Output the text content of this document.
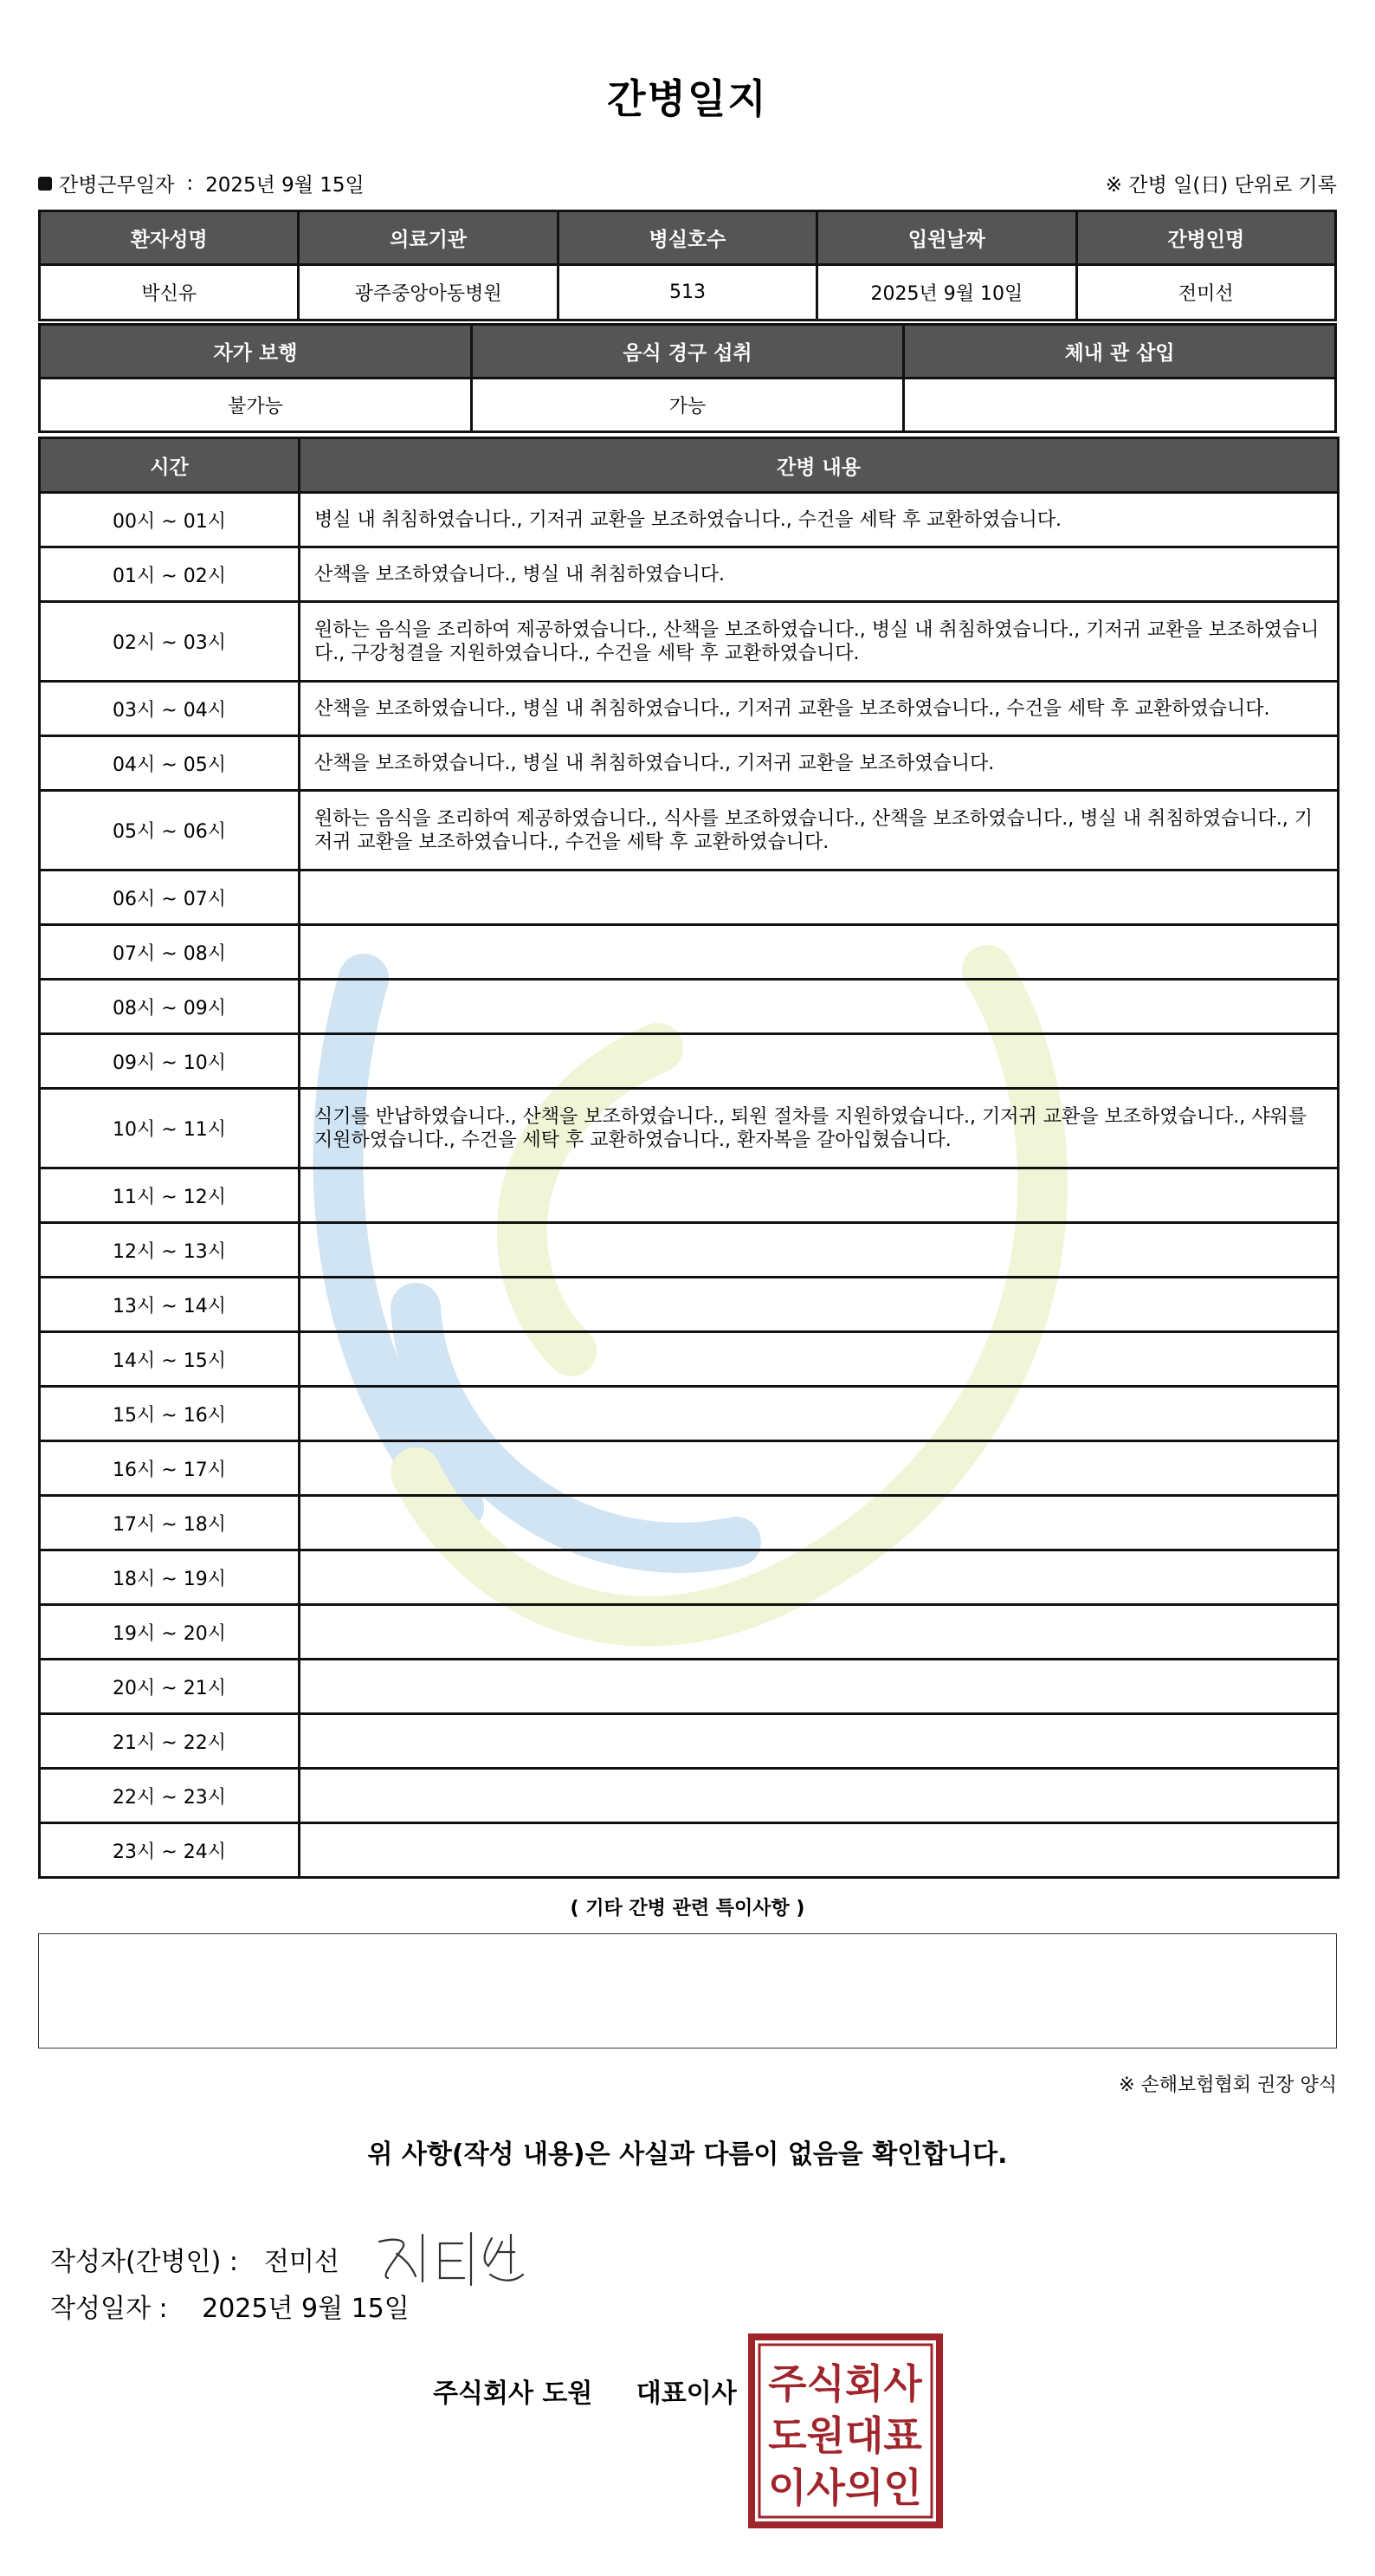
간병일지
간병근무일자 : 2025년 9월 15일	※ 간병 일(日) 단위로 기록
환자성명	의료기관	병실호수	입원날짜	간병인명
박신유	광주중앙아동병원	513	2025년 9월 10일	전미선
자가 보행	음식 경구 섭취	체내 관 삽입
불가능	가능	
시간	간병 내용
00시 ~ 01시	병실 내 취침하였습니다., 기저귀 교환을 보조하였습니다., 수건을 세탁 후 교환하였습니다.
01시 ~ 02시	산책을 보조하였습니다., 병실 내 취침하였습니다.
02시 ~ 03시	원하는 음식을 조리하여 제공하였습니다., 산책을 보조하였습니다., 병실 내 취침하였습니다., 기저귀 교환을 보조하였습니다., 구강청결을 지원하였습니다., 수건을 세탁 후 교환하였습니다.
03시 ~ 04시	산책을 보조하였습니다., 병실 내 취침하였습니다., 기저귀 교환을 보조하였습니다., 수건을 세탁 후 교환하였습니다.
04시 ~ 05시	산책을 보조하였습니다., 병실 내 취침하였습니다., 기저귀 교환을 보조하였습니다.
05시 ~ 06시	원하는 음식을 조리하여 제공하였습니다., 식사를 보조하였습니다., 산책을 보조하였습니다., 병실 내 취침하였습니다., 기저귀 교환을 보조하였습니다., 수건을 세탁 후 교환하였습니다.
06시 ~ 07시	
07시 ~ 08시	
08시 ~ 09시	
09시 ~ 10시	
10시 ~ 11시	식기를 반납하였습니다., 산책을 보조하였습니다., 퇴원 절차를 지원하였습니다., 기저귀 교환을 보조하였습니다., 샤워를 지원하였습니다., 수건을 세탁 후 교환하였습니다., 환자복을 갈아입혔습니다.
11시 ~ 12시	
12시 ~ 13시	
13시 ~ 14시	
14시 ~ 15시	
15시 ~ 16시	
16시 ~ 17시	
17시 ~ 18시	
18시 ~ 19시	
19시 ~ 20시	
20시 ~ 21시	
21시 ~ 22시	
22시 ~ 23시	
23시 ~ 24시	
( 기타 간병 관련 특이사항 )
※ 손해보험협회 권장 양식
위 사항(작성 내용)은 사실과 다름이 없음을 확인합니다.
작성자(간병인) : 전미선
작성일자 : 2025년 9월 15일
주식회사 도원 대표이사 주식회사
도원대표
이사의인
